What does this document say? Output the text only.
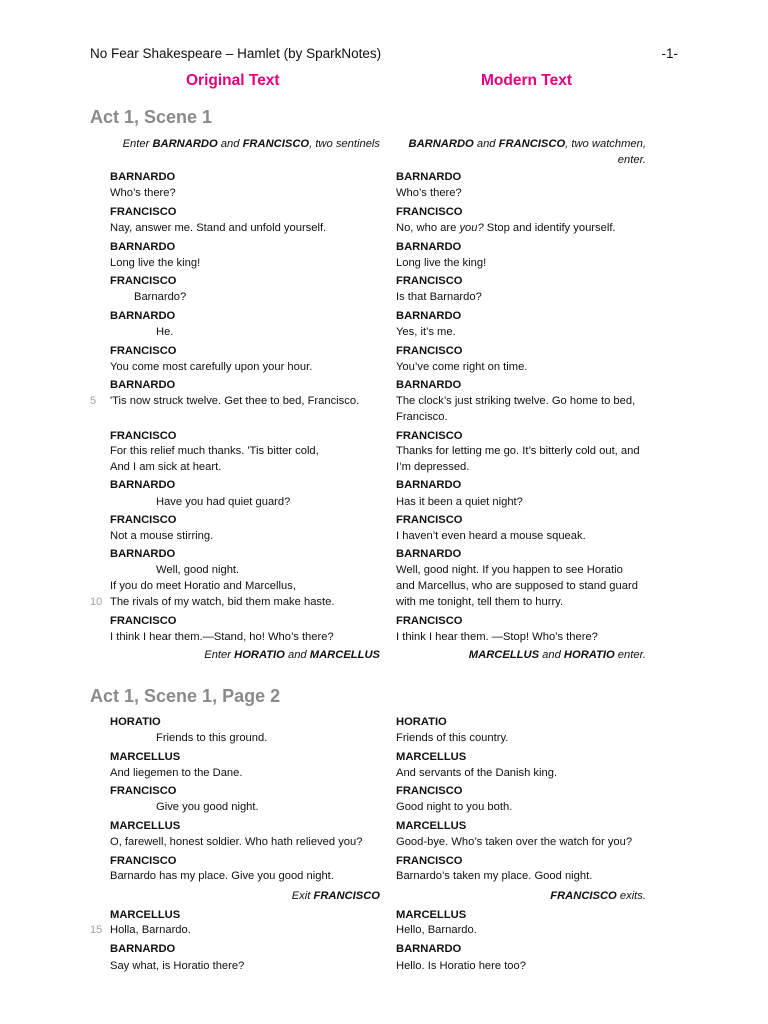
No Fear Shakespeare – Hamlet (by SparkNotes)	-1-
Original Text	Modern Text
Act 1, Scene 1
Enter BARNARDO and FRANCISCO, two sentinels	BARNARDO and FRANCISCO, two watchmen, enter.
BARNARDO	BARNARDO
Who’s there?	Who’s there?
FRANCISCO	FRANCISCO
Nay, answer me. Stand and unfold yourself.	No, who are you? Stop and identify yourself.
BARNARDO	BARNARDO
Long live the king!	Long live the king!
FRANCISCO	FRANCISCO
Barnardo?	Is that Barnardo?
BARNARDO	BARNARDO
He.	Yes, it’s me.
FRANCISCO	FRANCISCO
You come most carefully upon your hour.	You’ve come right on time.
BARNARDO	BARNARDO
5 'Tis now struck twelve. Get thee to bed, Francisco.	The clock’s just striking twelve. Go home to bed,
Francisco.
FRANCISCO	FRANCISCO
For this relief much thanks. 'Tis bitter cold,	Thanks for letting me go. It’s bitterly cold out, and
And I am sick at heart.	I’m depressed.
BARNARDO	BARNARDO
Have you had quiet guard?	Has it been a quiet night?
FRANCISCO	FRANCISCO
Not a mouse stirring.	I haven’t even heard a mouse squeak.
BARNARDO	BARNARDO
Well, good night.	Well, good night. If you happen to see Horatio
If you do meet Horatio and Marcellus,	and Marcellus, who are supposed to stand guard
10 The rivals of my watch, bid them make haste.	with me tonight, tell them to hurry.
FRANCISCO	FRANCISCO
I think I hear them.—Stand, ho! Who’s there?	I think I hear them. —Stop! Who’s there?
Enter HORATIO and MARCELLUS	MARCELLUS and HORATIO enter.
Act 1, Scene 1, Page 2
HORATIO	HORATIO
Friends to this ground.	Friends of this country.
MARCELLUS	MARCELLUS
And liegemen to the Dane.	And servants of the Danish king.
FRANCISCO	FRANCISCO
Give you good night.	Good night to you both.
MARCELLUS	MARCELLUS
O, farewell, honest soldier. Who hath relieved you?	Good-bye. Who’s taken over the watch for you?
FRANCISCO	FRANCISCO
Barnardo has my place. Give you good night.	Barnardo’s taken my place. Good night.
Exit FRANCISCO	FRANCISCO exits.
MARCELLUS	MARCELLUS
15 Holla, Barnardo.	Hello, Barnardo.
BARNARDO	BARNARDO
Say what, is Horatio there?	Hello. Is Horatio here too?
